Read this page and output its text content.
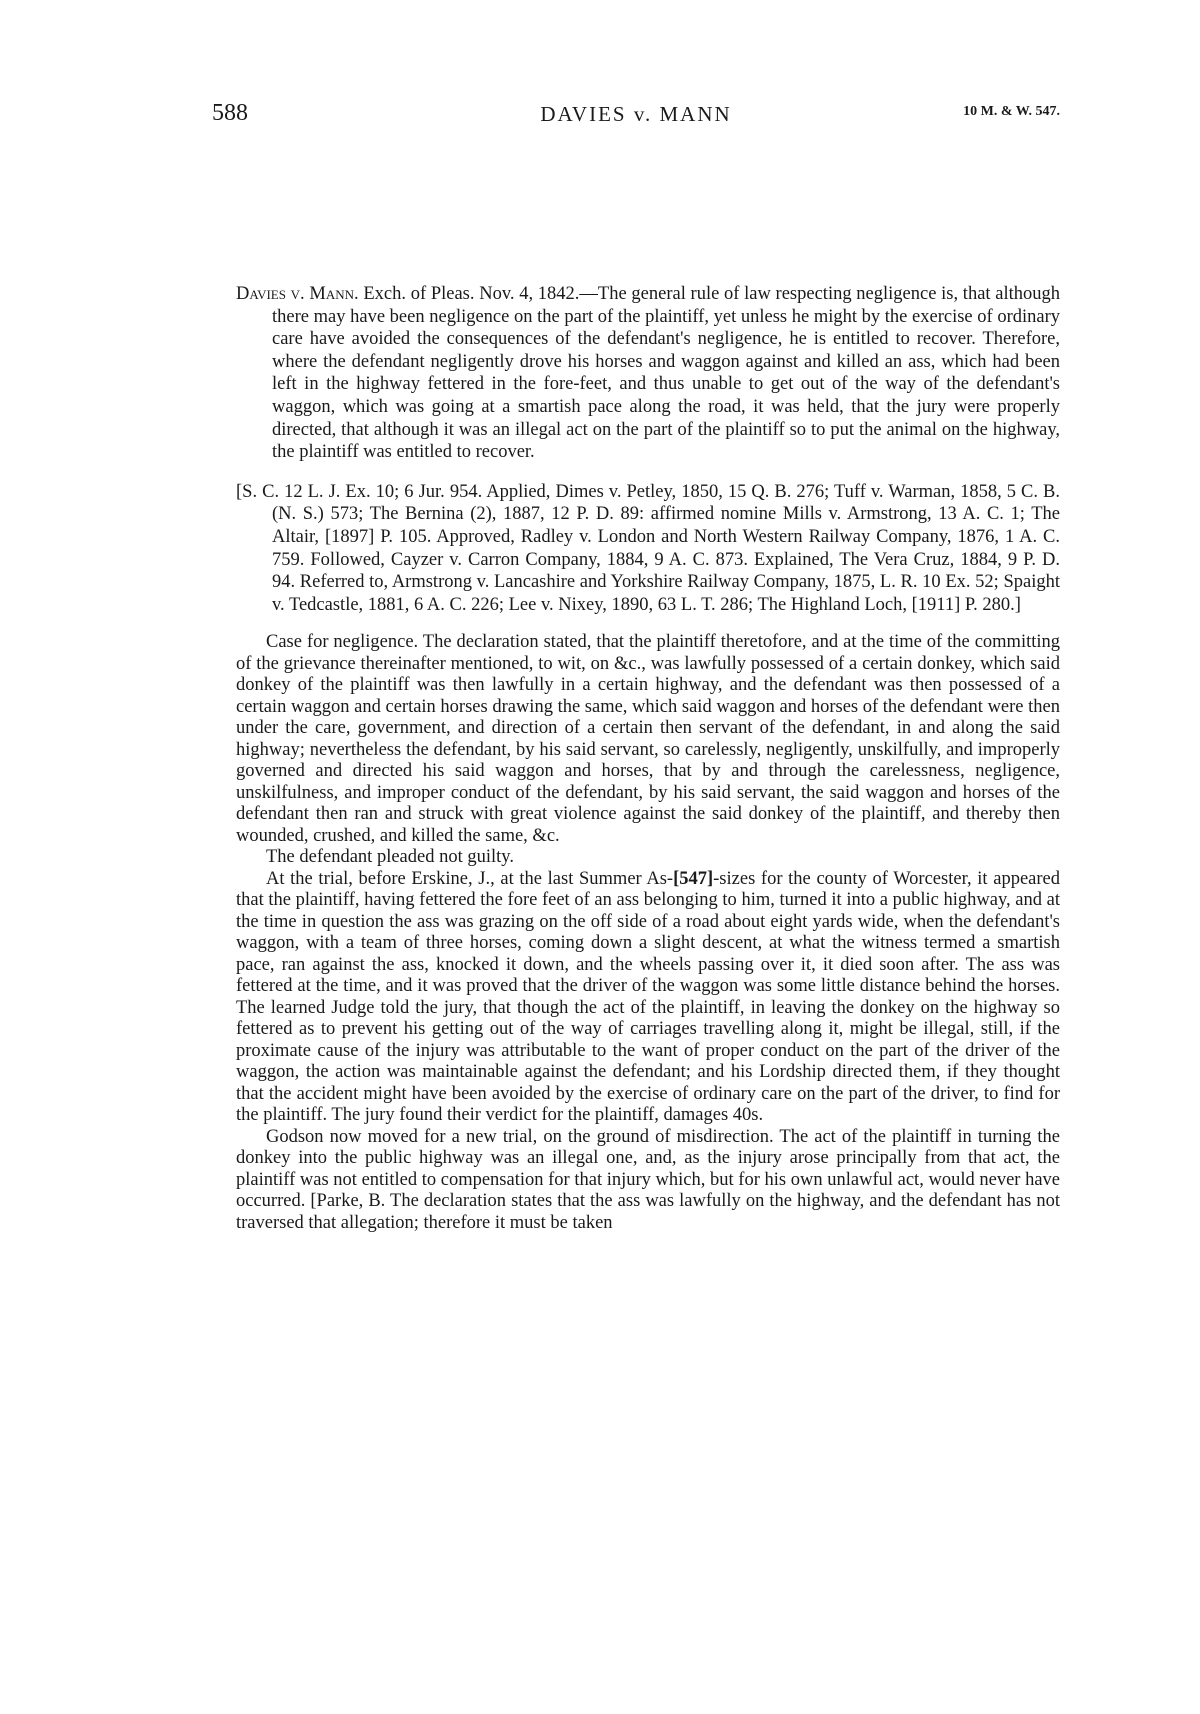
588	DAVIES v. MANN	10 M. & W. 547.

Davies v. Mann. Exch. of Pleas. Nov. 4, 1842.—The general rule of law respecting negligence is, that although there may have been negligence on the part of the plaintiff, yet unless he might by the exercise of ordinary care have avoided the consequences of the defendant's negligence, he is entitled to recover. Therefore, where the defendant negligently drove his horses and waggon against and killed an ass, which had been left in the highway fettered in the fore-feet, and thus unable to get out of the way of the defendant's waggon, which was going at a smartish pace along the road, it was held, that the jury were properly directed, that although it was an illegal act on the part of the plaintiff so to put the animal on the highway, the plaintiff was entitled to recover.

[S. C. 12 L. J. Ex. 10; 6 Jur. 954. Applied, Dimes v. Petley, 1850, 15 Q. B. 276; Tuff v. Warman, 1858, 5 C. B. (N. S.) 573; The Bernina (2), 1887, 12 P. D. 89: affirmed nomine Mills v. Armstrong, 13 A. C. 1; The Altair, [1897] P. 105. Approved, Radley v. London and North Western Railway Company, 1876, 1 A. C. 759. Followed, Cayzer v. Carron Company, 1884, 9 A. C. 873. Explained, The Vera Cruz, 1884, 9 P. D. 94. Referred to, Armstrong v. Lancashire and Yorkshire Railway Company, 1875, L. R. 10 Ex. 52; Spaight v. Tedcastle, 1881, 6 A. C. 226; Lee v. Nixey, 1890, 63 L. T. 286; The Highland Loch, [1911] P. 280.]

Case for negligence. The declaration stated, that the plaintiff theretofore, and at the time of the committing of the grievance thereinafter mentioned, to wit, on &c., was lawfully possessed of a certain donkey, which said donkey of the plaintiff was then lawfully in a certain highway, and the defendant was then possessed of a certain waggon and certain horses drawing the same, which said waggon and horses of the defendant were then under the care, government, and direction of a certain then servant of the defendant, in and along the said highway; nevertheless the defendant, by his said servant, so carelessly, negligently, unskilfully, and improperly governed and directed his said waggon and horses, that by and through the carelessness, negligence, unskilfulness, and improper conduct of the defendant, by his said servant, the said waggon and horses of the defendant then ran and struck with great violence against the said donkey of the plaintiff, and thereby then wounded, crushed, and killed the same, &c.

The defendant pleaded not guilty.

At the trial, before Erskine, J., at the last Summer As-[547]-sizes for the county of Worcester, it appeared that the plaintiff, having fettered the fore feet of an ass belonging to him, turned it into a public highway, and at the time in question the ass was grazing on the off side of a road about eight yards wide, when the defendant's waggon, with a team of three horses, coming down a slight descent, at what the witness termed a smartish pace, ran against the ass, knocked it down, and the wheels passing over it, it died soon after. The ass was fettered at the time, and it was proved that the driver of the waggon was some little distance behind the horses. The learned Judge told the jury, that though the act of the plaintiff, in leaving the donkey on the highway so fettered as to prevent his getting out of the way of carriages travelling along it, might be illegal, still, if the proximate cause of the injury was attributable to the want of proper conduct on the part of the driver of the waggon, the action was maintainable against the defendant; and his Lordship directed them, if they thought that the accident might have been avoided by the exercise of ordinary care on the part of the driver, to find for the plaintiff. The jury found their verdict for the plaintiff, damages 40s.

Godson now moved for a new trial, on the ground of misdirection. The act of the plaintiff in turning the donkey into the public highway was an illegal one, and, as the injury arose principally from that act, the plaintiff was not entitled to compensation for that injury which, but for his own unlawful act, would never have occurred. [Parke, B. The declaration states that the ass was lawfully on the highway, and the defendant has not traversed that allegation; therefore it must be taken
